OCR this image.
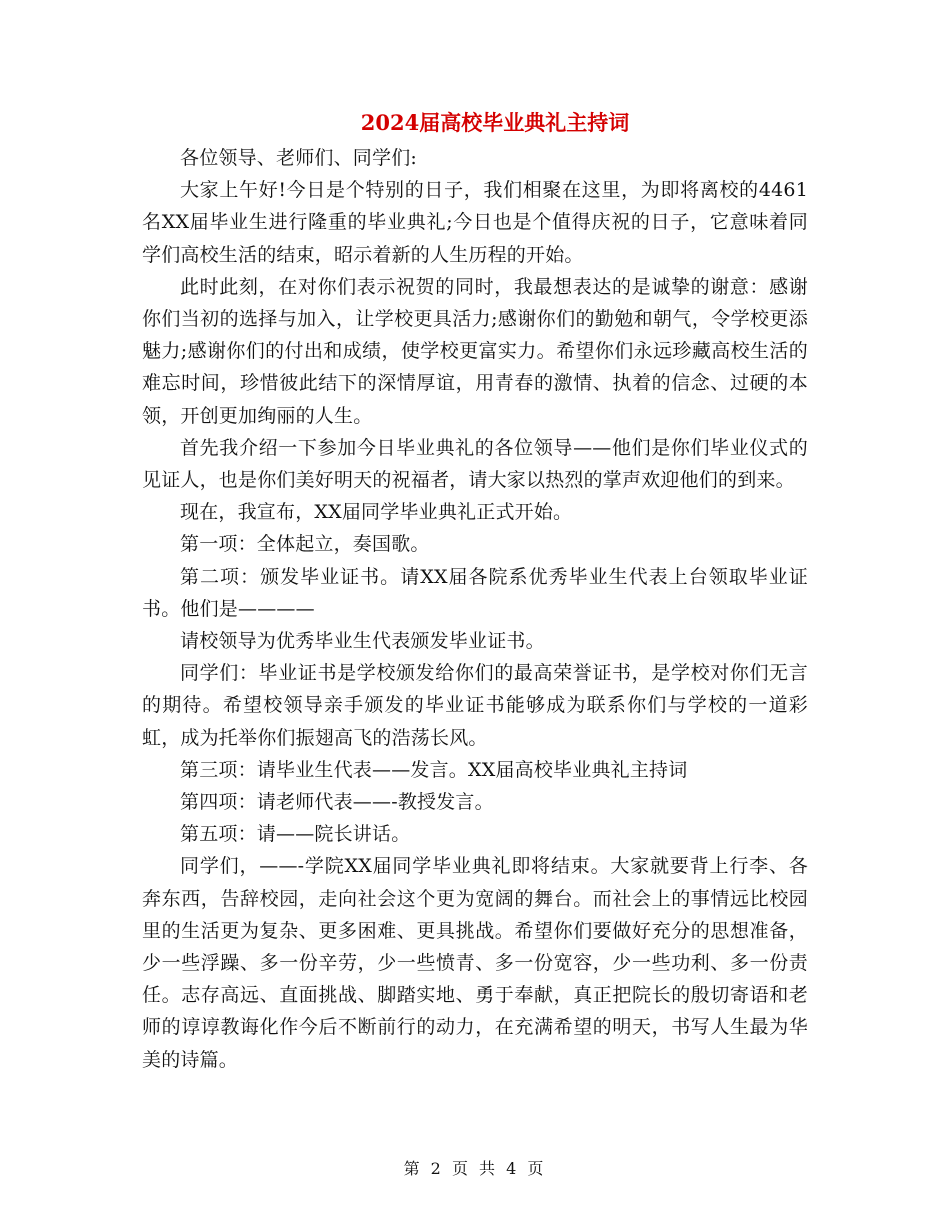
2024届高校毕业典礼主持词

各位领导、老师们、同学们:

大家上午好!今日是个特别的日子，我们相聚在这里，为即将离校的4461名XX届毕业生进行隆重的毕业典礼;今日也是个值得庆祝的日子，它意味着同学们高校生活的结束，昭示着新的人生历程的开始。

此时此刻，在对你们表示祝贺的同时，我最想表达的是诚挚的谢意：感谢你们当初的选择与加入，让学校更具活力;感谢你们的勤勉和朝气，令学校更添魅力;感谢你们的付出和成绩，使学校更富实力。希望你们永远珍藏高校生活的难忘时间，珍惜彼此结下的深情厚谊，用青春的激情、执着的信念、过硬的本领，开创更加绚丽的人生。

首先我介绍一下参加今日毕业典礼的各位领导——他们是你们毕业仪式的见证人，也是你们美好明天的祝福者，请大家以热烈的掌声欢迎他们的到来。

现在，我宣布，XX届同学毕业典礼正式开始。

第一项：全体起立，奏国歌。

第二项：颁发毕业证书。请XX届各院系优秀毕业生代表上台领取毕业证书。他们是————

请校领导为优秀毕业生代表颁发毕业证书。

同学们：毕业证书是学校颁发给你们的最高荣誉证书，是学校对你们无言的期待。希望校领导亲手颁发的毕业证书能够成为联系你们与学校的一道彩虹，成为托举你们振翅高飞的浩荡长风。

第三项：请毕业生代表——发言。XX届高校毕业典礼主持词

第四项：请老师代表——-教授发言。

第五项：请——院长讲话。

同学们，——-学院XX届同学毕业典礼即将结束。大家就要背上行李、各奔东西，告辞校园，走向社会这个更为宽阔的舞台。而社会上的事情远比校园里的生活更为复杂、更多困难、更具挑战。希望你们要做好充分的思想准备，少一些浮躁、多一份辛劳，少一些愤青、多一份宽容，少一些功利、多一份责任。志存高远、直面挑战、脚踏实地、勇于奉献，真正把院长的殷切寄语和老师的谆谆教诲化作今后不断前行的动力，在充满希望的明天，书写人生最为华美的诗篇。

第 2 页 共 4 页
